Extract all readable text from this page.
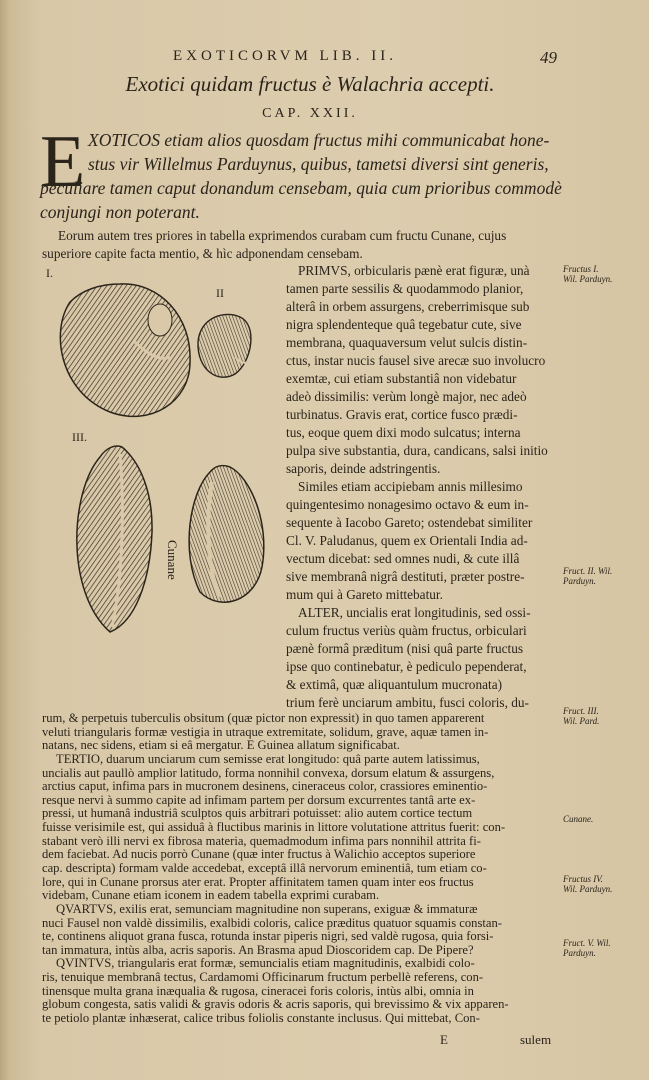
EXOTICORVM LIB. II.	49
Exotici quidam fructus è Walachria accepti.
CAP. XXII.
E XOTICOS etiam alios quosdam fructus mihi communicabat hone-
stus vir Willelmus Parduynus, quibus, tametsi diversi sint generis,
peculiare tamen caput donandum censebam, quia cum prioribus commodè
conjungi non poterant.
Eorum autem tres priores in tabella exprimendos curabam cum fructu Cunane, cujus
superiore capite facta mentio, & hìc adponendam censebam.
I.
II
III.
Cunane
PRIMVS, orbicularis pænè erat figuræ, unà
tamen parte sessilis & quodammodo planior,
alterâ in orbem assurgens, creberrimisque sub
nigra splendenteque quâ tegebatur cute, sive
membrana, quaquaversum velut sulcis distin-
ctus, instar nucis fausel sive arecæ suo involucro
exemtæ, cui etiam substantiâ non videbatur
adeò dissimilis: verùm longè major, nec adeò
turbinatus. Gravis erat, cortice fusco prædi-
tus, eoque quem dixi modo sulcatus; interna
pulpa sive substantia, dura, candicans, salsi initio
saporis, deinde adstringentis.
Similes etiam accipiebam annis millesimo
quingentesimo nonagesimo octavo & eum in-
sequente à Iacobo Gareto; ostendebat similiter
Cl. V. Paludanus, quem ex Orientali India ad-
vectum dicebat: sed omnes nudi, & cute illâ
sive membranâ nigrâ destituti, præter postre-
mum qui à Gareto mittebatur.
ALTER, uncialis erat longitudinis, sed ossi-
culum fructus veriùs quàm fructus, orbiculari
pænè formâ præditum (nisi quâ parte fructus
ipse quo continebatur, è pediculo pependerat,
& extimâ, quæ aliquantulum mucronata)
trium ferè unciarum ambitu, fusci coloris, du-
rum, & perpetuis tuberculis obsitum (quæ pictor non expressit) in quo tamen apparerent
veluti triangularis formæ vestigia in utraque extremitate, solidum, grave, aquæ tamen in-
natans, nec sidens, etiam si eâ mergatur. E Guinea allatum significabat.
TERTIO, duarum unciarum cum semisse erat longitudo: quâ parte autem latissimus,
uncialis aut paullò amplior latitudo, forma nonnihil convexa, dorsum elatum & assurgens,
arctius caput, infima pars in mucronem desinens, cineraceus color, crassiores eminentio-
resque nervi à summo capite ad infimam partem per dorsum excurrentes tantâ arte ex-
pressi, ut humanâ industriâ sculptos quis arbitrari potuisset: alio autem cortice tectum
fuisse verisimile est, qui assiduâ à fluctibus marinis in littore volutatione attritus fuerit: con-
stabant verò illi nervi ex fibrosa materia, quemadmodum infima pars nonnihil attrita fi-
dem faciebat. Ad nucis porrò Cunane (quæ inter fructus à Walichio acceptos superiore
cap. descripta) formam valde accedebat, exceptâ illâ nervorum eminentiâ, tum etiam co-
lore, qui in Cunane prorsus ater erat. Propter affinitatem tamen quam inter eos fructus
videbam, Cunane etiam iconem in eadem tabella exprimi curabam.
QVARTVS, exilis erat, semunciam magnitudine non superans, exiguæ & immaturæ
nuci Fausel non valdè dissimilis, exalbidi coloris, calice præditus quatuor squamis constan-
te, continens aliquot grana fusca, rotunda instar piperis nigri, sed valdè rugosa, quia forsi-
tan immatura, intùs alba, acris saporis. An Brasma apud Dioscoridem cap. De Pipere?
QVINTVS, triangularis erat formæ, semuncialis etiam magnitudinis, exalbidi colo-
ris, tenuique membranâ tectus, Cardamomi Officinarum fructum perbellè referens, con-
Fructus I.
Wil. Parduyn.
Fruct. II. Wil.
Parduyn.
Fruct. III.
Wil. Pard.
Cunane.
Fructus IV.
Wil. Parduyn.
Fruct. V. Wil.
Parduyn.
tinensque multa grana inæqualia & rugosa, cineracei foris coloris, intùs albi, omnia in
globum congesta, satis validi & gravis odoris & acris saporis, qui brevissimo & vix apparen-
te petiolo plantæ inhæserat, calice tribus foliolis constante inclusus. Qui mittebat, Con-
E	sulem
